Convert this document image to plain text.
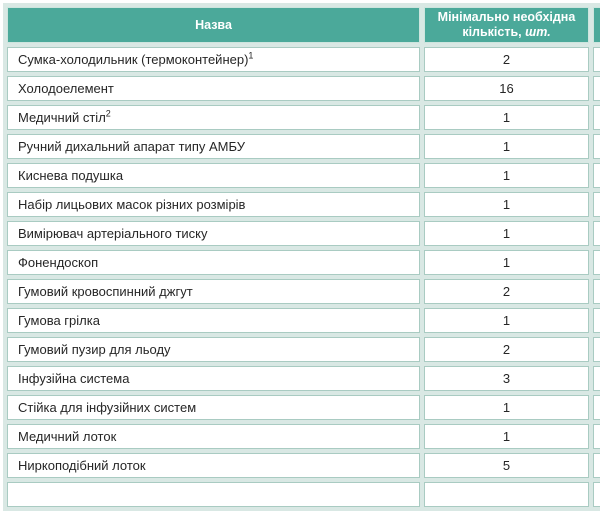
Назва	Мінімально необхідна кількість, шт.	
Сумка-холодильник (термоконтейнер)$^1$	2	
Холодоелемент	16	
Медичний стіл$^2$	1	
Ручний дихальний апарат типу АМБУ	1	
Киснева подушка	1	
Набір лицьових масок різних розмірів	1	
Вимірювач артеріального тиску	1	
Фонендоскоп	1	
Гумовий кровоспинний джгут	2	
Гумова грілка	1	
Гумовий пузир для льоду	2	
Інфузійна система	3	
Стійка для інфузійних систем	1	
Медичний лоток	1	
Ниркоподібний лоток	5	
